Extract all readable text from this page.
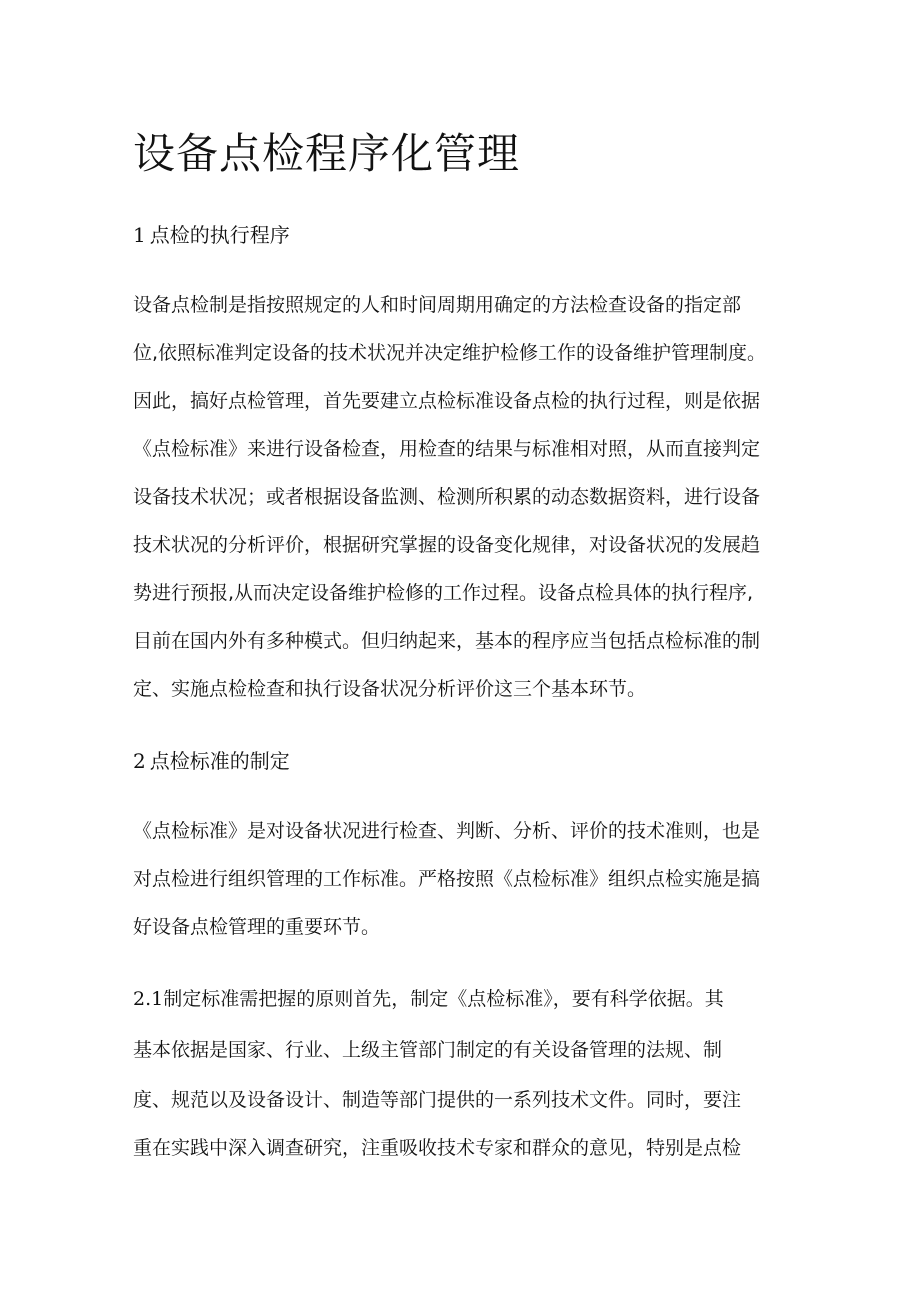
设备点检程序化管理
1 点检的执行程序
设备点检制是指按照规定的人和时间周期用确定的方法检查设备的指定部
位,依照标准判定设备的技术状况并决定维护检修工作的设备维护管理制度。
因此，搞好点检管理，首先要建立点检标准设备点检的执行过程，则是依据
《点检标准》来进行设备检查，用检查的结果与标准相对照，从而直接判定
设备技术状况；或者根据设备监测、检测所积累的动态数据资料，进行设备
技术状况的分析评价，根据研究掌握的设备变化规律，对设备状况的发展趋
势进行预报,从而决定设备维护检修的工作过程。设备点检具体的执行程序,
目前在国内外有多种模式。但归纳起来，基本的程序应当包括点检标准的制
定、实施点检检查和执行设备状况分析评价这三个基本环节。
2 点检标准的制定
《点检标准》是对设备状况进行检查、判断、分析、评价的技术准则，也是
对点检进行组织管理的工作标准。严格按照《点检标准》组织点检实施是搞
好设备点检管理的重要环节。
2.1制定标准需把握的原则首先，制定《点检标准》，要有科学依据。其
基本依据是国家、行业、上级主管部门制定的有关设备管理的法规、制
度、规范以及设备设计、制造等部门提供的一系列技术文件。同时，要注
重在实践中深入调查研究，注重吸收技术专家和群众的意见，特别是点检
